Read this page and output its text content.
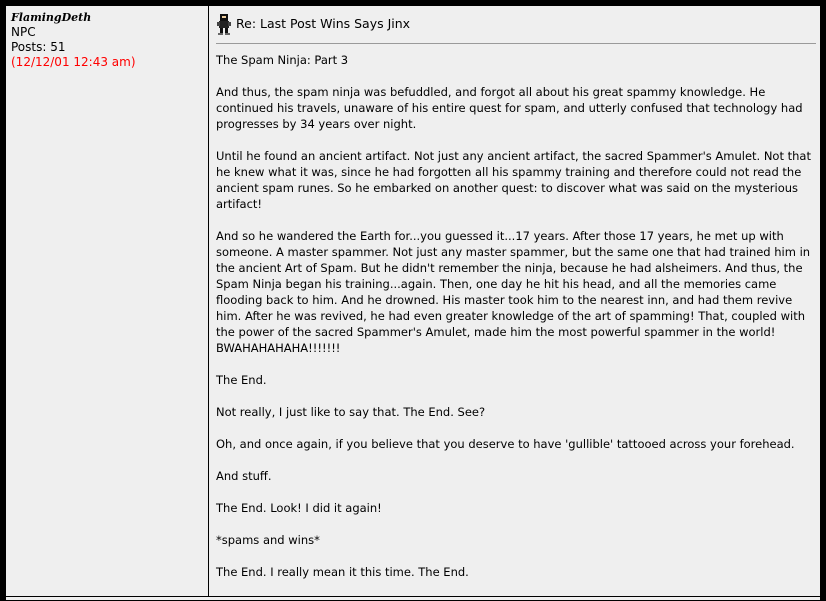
FlamingDeth
NPC
Posts: 51
(12/12/01 12:43 am)
Re: Last Post Wins Says Jinx

The Spam Ninja: Part 3

And thus, the spam ninja was befuddled, and forgot all about his great spammy knowledge. He continued his travels, unaware of his entire quest for spam, and utterly confused that technology had progresses by 34 years over night.

Until he found an ancient artifact. Not just any ancient artifact, the sacred Spammer's Amulet. Not that he knew what it was, since he had forgotten all his spammy training and therefore could not read the ancient spam runes. So he embarked on another quest: to discover what was said on the mysterious artifact!

And so he wandered the Earth for...you guessed it...17 years. After those 17 years, he met up with someone. A master spammer. Not just any master spammer, but the same one that had trained him in the ancient Art of Spam. But he didn't remember the ninja, because he had alsheimers. And thus, the Spam Ninja began his training...again. Then, one day he hit his head, and all the memories came flooding back to him. And he drowned. His master took him to the nearest inn, and had them revive him. After he was revived, he had even greater knowledge of the art of spamming! That, coupled with the power of the sacred Spammer's Amulet, made him the most powerful spammer in the world! BWAHAHAHAHA!!!!!!!

The End.

Not really, I just like to say that. The End. See?

Oh, and once again, if you believe that you deserve to have 'gullible' tattooed across your forehead.

And stuff.

The End. Look! I did it again!

*spams and wins*

The End. I really mean it this time. The End.
